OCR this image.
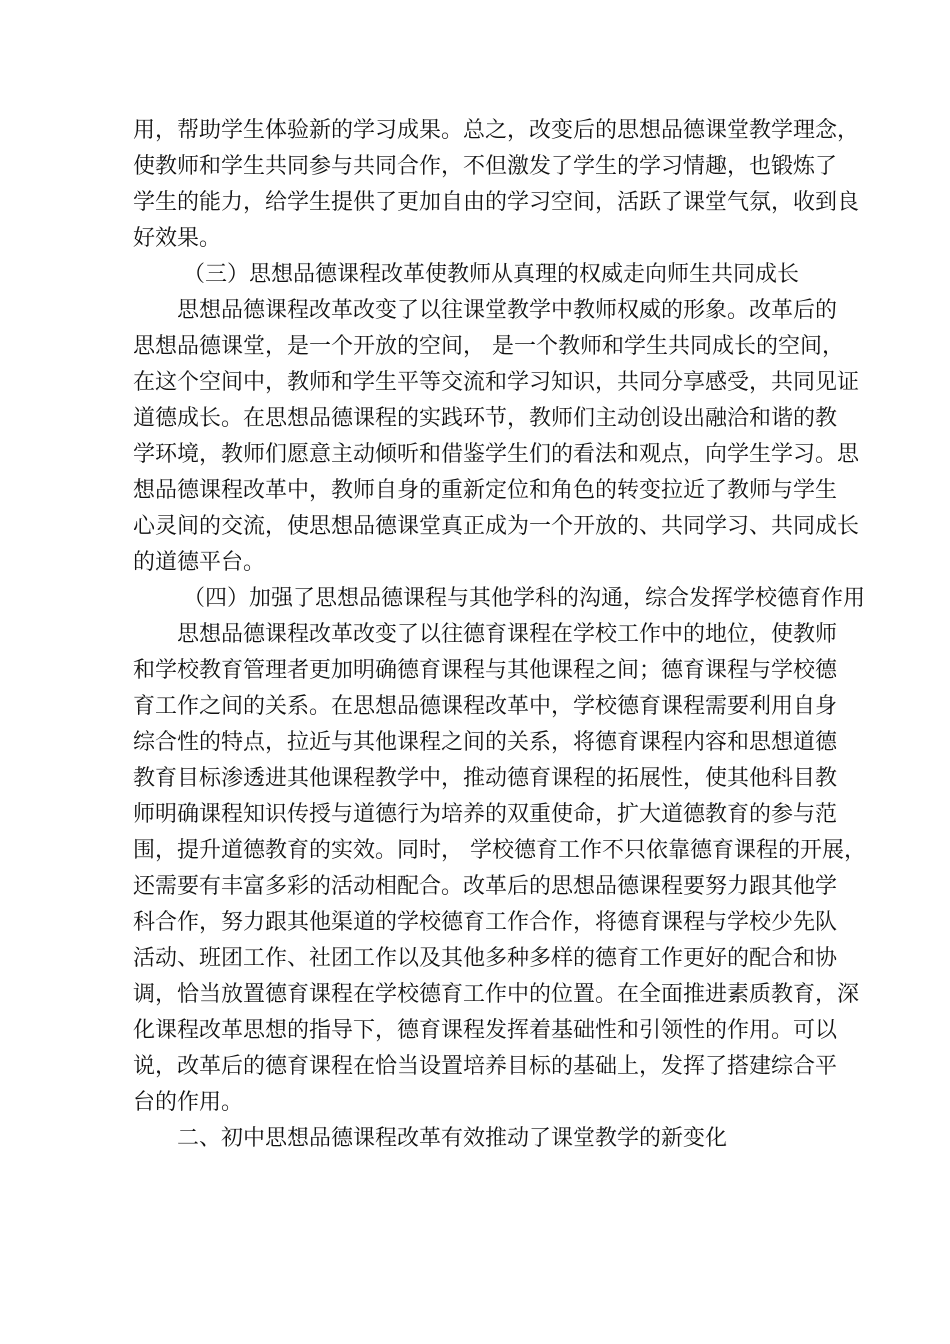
用，帮助学生体验新的学习成果。总之，改变后的思想品德课堂教学理念，
使教师和学生共同参与共同合作，不但激发了学生的学习情趣，也锻炼了
学生的能力，给学生提供了更加自由的学习空间，活跃了课堂气氛，收到良
好效果。
（三）思想品德课程改革使教师从真理的权威走向师生共同成长
思想品德课程改革改变了以往课堂教学中教师权威的形象。改革后的
思想品德课堂，是一个开放的空间， 是一个教师和学生共同成长的空间，
在这个空间中，教师和学生平等交流和学习知识，共同分享感受，共同见证
道德成长。在思想品德课程的实践环节，教师们主动创设出融洽和谐的教
学环境，教师们愿意主动倾听和借鉴学生们的看法和观点，向学生学习。思
想品德课程改革中，教师自身的重新定位和角色的转变拉近了教师与学生
心灵间的交流，使思想品德课堂真正成为一个开放的、共同学习、共同成长
的道德平台。
（四）加强了思想品德课程与其他学科的沟通，综合发挥学校德育作用
思想品德课程改革改变了以往德育课程在学校工作中的地位，使教师
和学校教育管理者更加明确德育课程与其他课程之间；德育课程与学校德
育工作之间的关系。在思想品德课程改革中，学校德育课程需要利用自身
综合性的特点，拉近与其他课程之间的关系，将德育课程内容和思想道德
教育目标渗透进其他课程教学中，推动德育课程的拓展性，使其他科目教
师明确课程知识传授与道德行为培养的双重使命，扩大道德教育的参与范
围，提升道德教育的实效。同时， 学校德育工作不只依靠德育课程的开展，
还需要有丰富多彩的活动相配合。改革后的思想品德课程要努力跟其他学
科合作，努力跟其他渠道的学校德育工作合作，将德育课程与学校少先队
活动、班团工作、社团工作以及其他多种多样的德育工作更好的配合和协
调，恰当放置德育课程在学校德育工作中的位置。在全面推进素质教育，深
化课程改革思想的指导下，德育课程发挥着基础性和引领性的作用。可以
说，改革后的德育课程在恰当设置培养目标的基础上，发挥了搭建综合平
台的作用。
二、初中思想品德课程改革有效推动了课堂教学的新变化
